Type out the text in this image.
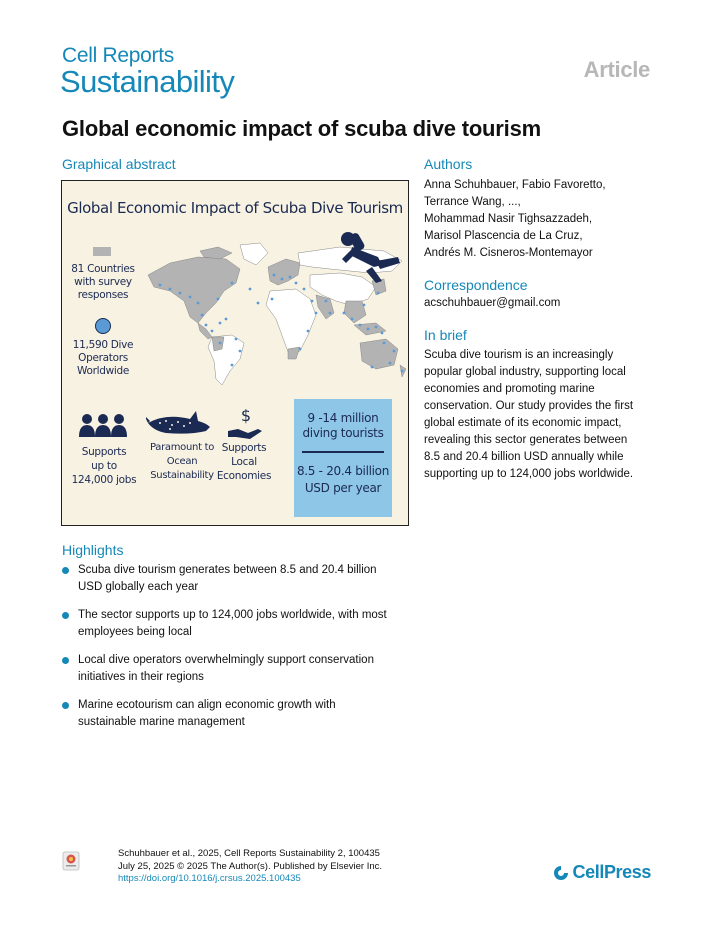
Cell Reports
Sustainability	Article
Global economic impact of scuba dive tourism
Graphical abstract
Global Economic Impact of Scuba Dive Tourism
81 Countries
with survey
responses
11,590 Dive
Operators
Worldwide
Supports
up to
124,000 jobs
Paramount to
Ocean
Sustainability
$
Supports
Local
Economies
9 -14 million
diving tourists
8.5 - 20.4 billion
USD per year
Highlights
Scuba dive tourism generates between 8.5 and 20.4 billion
USD globally each year
The sector supports up to 124,000 jobs worldwide, with most
employees being local
Local dive operators overwhelmingly support conservation
initiatives in their regions
Marine ecotourism can align economic growth with
sustainable marine management
Authors
Anna Schuhbauer, Fabio Favoretto,
Terrance Wang, ...,
Mohammad Nasir Tighsazzadeh,
Marisol Plascencia de La Cruz,
Andrés M. Cisneros-Montemayor
Correspondence
acschuhbauer@gmail.com
In brief
Scuba dive tourism is an increasingly
popular global industry, supporting local
economies and promoting marine
conservation. Our study provides the first
global estimate of its economic impact,
revealing this sector generates between
8.5 and 20.4 billion USD annually while
supporting up to 124,000 jobs worldwide.
Schuhbauer et al., 2025, Cell Reports Sustainability 2, 100435
July 25, 2025 © 2025 The Author(s). Published by Elsevier Inc.
https://doi.org/10.1016/j.crsus.2025.100435	CellPress
